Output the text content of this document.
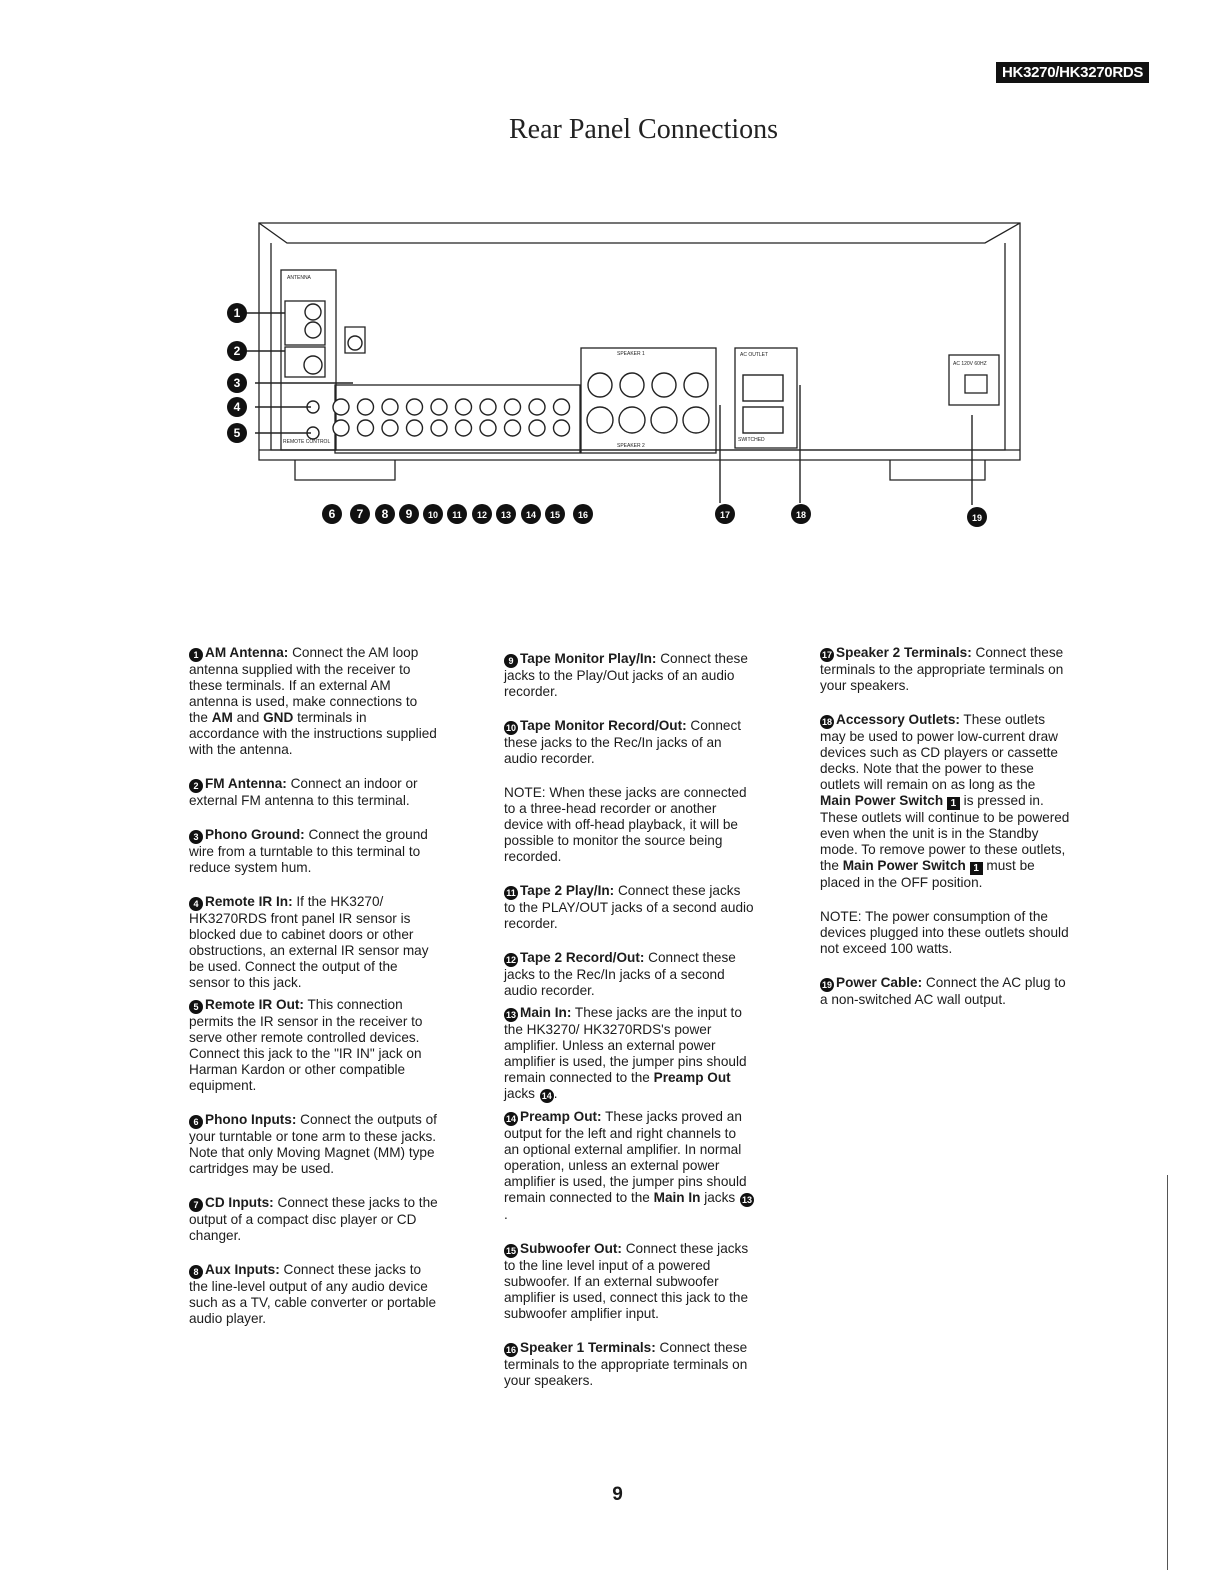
HK3270/HK3270RDS
Rear Panel Connections
ANTENNA
REMOTE CONTROL
SPEAKER 1
SPEAKER 2
AC OUTLET
SWITCHED
AC 120V 60HZ
1
2
3
4
5
6 7 8 9 10 11 12 13 14 15 16	17	18	19
1 AM Antenna: Connect the AM loop antenna supplied with the receiver to these terminals. If an external AM antenna is used, make connections to the AM and GND terminals in accordance with the instructions supplied with the antenna.
2 FM Antenna: Connect an indoor or external FM antenna to this terminal.
3 Phono Ground: Connect the ground wire from a turntable to this terminal to reduce system hum.
4 Remote IR In: If the HK3270/ HK3270RDS front panel IR sensor is blocked due to cabinet doors or other obstructions, an external IR sensor may be used. Connect the output of the sensor to this jack.
5 Remote IR Out: This connection permits the IR sensor in the receiver to serve other remote controlled devices. Connect this jack to the "IR IN" jack on Harman Kardon or other compatible equipment.
6 Phono Inputs: Connect the outputs of your turntable or tone arm to these jacks. Note that only Moving Magnet (MM) type cartridges may be used.
7 CD Inputs: Connect these jacks to the output of a compact disc player or CD changer.
8 Aux Inputs: Connect these jacks to the line-level output of any audio device such as a TV, cable converter or portable audio player.
9 Tape Monitor Play/In: Connect these jacks to the Play/Out jacks of an audio recorder.
10 Tape Monitor Record/Out: Connect these jacks to the Rec/In jacks of an audio recorder.
NOTE: When these jacks are connected to a three-head recorder or another device with off-head playback, it will be possible to monitor the source being recorded.
11 Tape 2 Play/In: Connect these jacks to the PLAY/OUT jacks of a second audio recorder.
12 Tape 2 Record/Out: Connect these jacks to the Rec/In jacks of a second audio recorder.
13 Main In: These jacks are the input to the HK3270/ HK3270RDS's power amplifier. Unless an external power amplifier is used, the jumper pins should remain connected to the Preamp Out jacks 14 .
14 Preamp Out: These jacks proved an output for the left and right channels to an optional external amplifier. In normal operation, unless an external power amplifier is used, the jumper pins should remain connected to the Main In jacks 13.
15 Subwoofer Out: Connect these jacks to the line level input of a powered subwoofer. If an external subwoofer amplifier is used, connect this jack to the subwoofer amplifier input.
16 Speaker 1 Terminals: Connect these terminals to the appropriate terminals on your speakers.
17 Speaker 2 Terminals: Connect these terminals to the appropriate terminals on your speakers.
18 Accessory Outlets: These outlets may be used to power low-current draw devices such as CD players or cassette decks. Note that the power to these outlets will remain on as long as the Main Power Switch 1 is pressed in. These outlets will continue to be powered even when the unit is in the Standby mode. To remove power to these outlets, the Main Power Switch 1 must be placed in the OFF position.
NOTE: The power consumption of the devices plugged into these outlets should not exceed 100 watts.
19 Power Cable: Connect the AC plug to a non-switched AC wall output.
9
